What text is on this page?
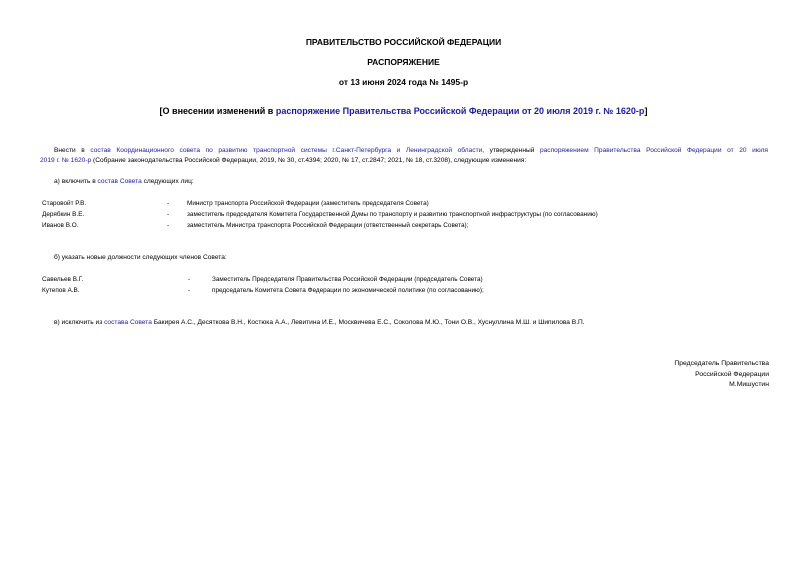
ПРАВИТЕЛЬСТВО РОССИЙСКОЙ ФЕДЕРАЦИИ
РАСПОРЯЖЕНИЕ
от 13 июня 2024 года № 1495-р
[О внесении изменений в распоряжение Правительства Российской Федерации от 20 июля 2019 г. № 1620-р]
Внести в состав Координационного совета по развитию транспортной системы г.Санкт-Петербурга и Ленинградской области, утвержденный распоряжением Правительства Российской Федерации от 20 июля
2019 г. № 1620-р (Собрание законодательства Российской Федерации, 2019, № 30, ст.4394; 2020, № 17, ст.2847; 2021, № 18, ст.3208), следующие изменения:
а) включить в состав Совета следующих лиц:
Старовойт Р.В.	-	Министр транспорта Российской Федерации (заместитель председателя Совета)
Дерябкин В.Е.	-	заместитель председателя Комитета Государственной Думы по транспорту и развитию транспортной инфраструктуры (по согласованию)
Иванов В.О.	-	заместитель Министра транспорта Российской Федерации (ответственный секретарь Совета);
б) указать новые должности следующих членов Совета:
Савельев В.Г.	-	Заместитель Председателя Правительства Российской Федерации (председатель Совета)
Кутепов А.В.	-	председатель Комитета Совета Федерации по экономической политике (по согласованию);
в) исключить из состава Совета Бакирея А.С., Десяткова В.Н., Костюка А.А., Левитина И.Е., Москвичева Е.С., Соколова М.Ю., Тони О.В., Хуснуллина М.Ш. и Шипилова В.П.
Председатель Правительства
Российской Федерации
М.Мишустин
